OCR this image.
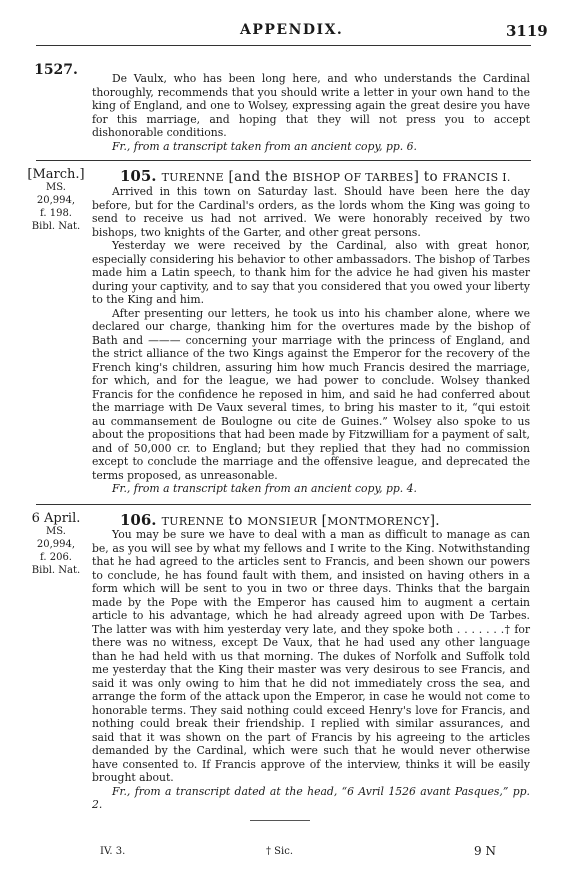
APPENDIX.	3119
1527.

De Vaulx, who has been long here, and who understands the Cardinal thoroughly, recommends that you should write a letter in your own hand to the king of England, and one to Wolsey, expressing again the great desire you have for this marriage, and hoping that they will not press you to accept dishonorable conditions.

Fr., from a transcript taken from an ancient copy, pp. 6.

[March.]
MS. 20,994,
f. 198.
Bibl. Nat.
105. TURENNE [and the BISHOP OF TARBES] to FRANCIS I.

Arrived in this town on Saturday last. Should have been here the day before, but for the Cardinal's orders, as the lords whom the King was going to send to receive us had not arrived. We were honorably received by two bishops, two knights of the Garter, and other great persons.

Yesterday we were received by the Cardinal, also with great honor, especially considering his behavior to other ambassadors. The bishop of Tarbes made him a Latin speech, to thank him for the advice he had given his master during your captivity, and to say that you considered that you owed your liberty to the King and him.

After presenting our letters, he took us into his chamber alone, where we declared our charge, thanking him for the overtures made by the bishop of Bath and ——— concerning your marriage with the princess of England, and the strict alliance of the two Kings against the Emperor for the recovery of the French king's children, assuring him how much Francis desired the marriage, for which, and for the league, we had power to conclude. Wolsey thanked Francis for the confidence he reposed in him, and said he had conferred about the marriage with De Vaux several times, to bring his master to it, “qui estoit au commansement de Boulogne ou cite de Guines.” Wolsey also spoke to us about the propositions that had been made by Fitzwilliam for a payment of salt, and of 50,000 cr. to England; but they replied that they had no commission except to conclude the marriage and the offensive league, and deprecated the terms proposed, as unreasonable.

Fr., from a transcript taken from an ancient copy, pp. 4.

6 April.
MS. 20,994,
f. 206.
Bibl. Nat.
106. TURENNE to MONSIEUR [MONTMORENCY].

You may be sure we have to deal with a man as difficult to manage as can be, as you will see by what my fellows and I write to the King. Notwithstanding that he had agreed to the articles sent to Francis, and been shown our powers to conclude, he has found fault with them, and insisted on having others in a form which will be sent to you in two or three days. Thinks that the bargain made by the Pope with the Emperor has caused him to augment a certain article to his advantage, which he had already agreed upon with De Tarbes. The latter was with him yesterday very late, and they spoke both . . . . . . .† for there was no witness, except De Vaux, that he had used any other language than he had held with us that morning. The dukes of Norfolk and Suffolk told me yesterday that the King their master was very desirous to see Francis, and said it was only owing to him that he did not immediately cross the sea, and arrange the form of the attack upon the Emperor, in case he would not come to honorable terms. They said nothing could exceed Henry's love for Francis, and nothing could break their friendship. I replied with similar assurances, and said that it was shown on the part of Francis by his agreeing to the articles demanded by the Cardinal, which were such that he would never otherwise have consented to. If Francis approve of the interview, thinks it will be easily brought about.

Fr., from a transcript dated at the head, “6 Avril 1526 avant Pasques,” pp. 2.

IV. 3.	† Sic.	9 N
